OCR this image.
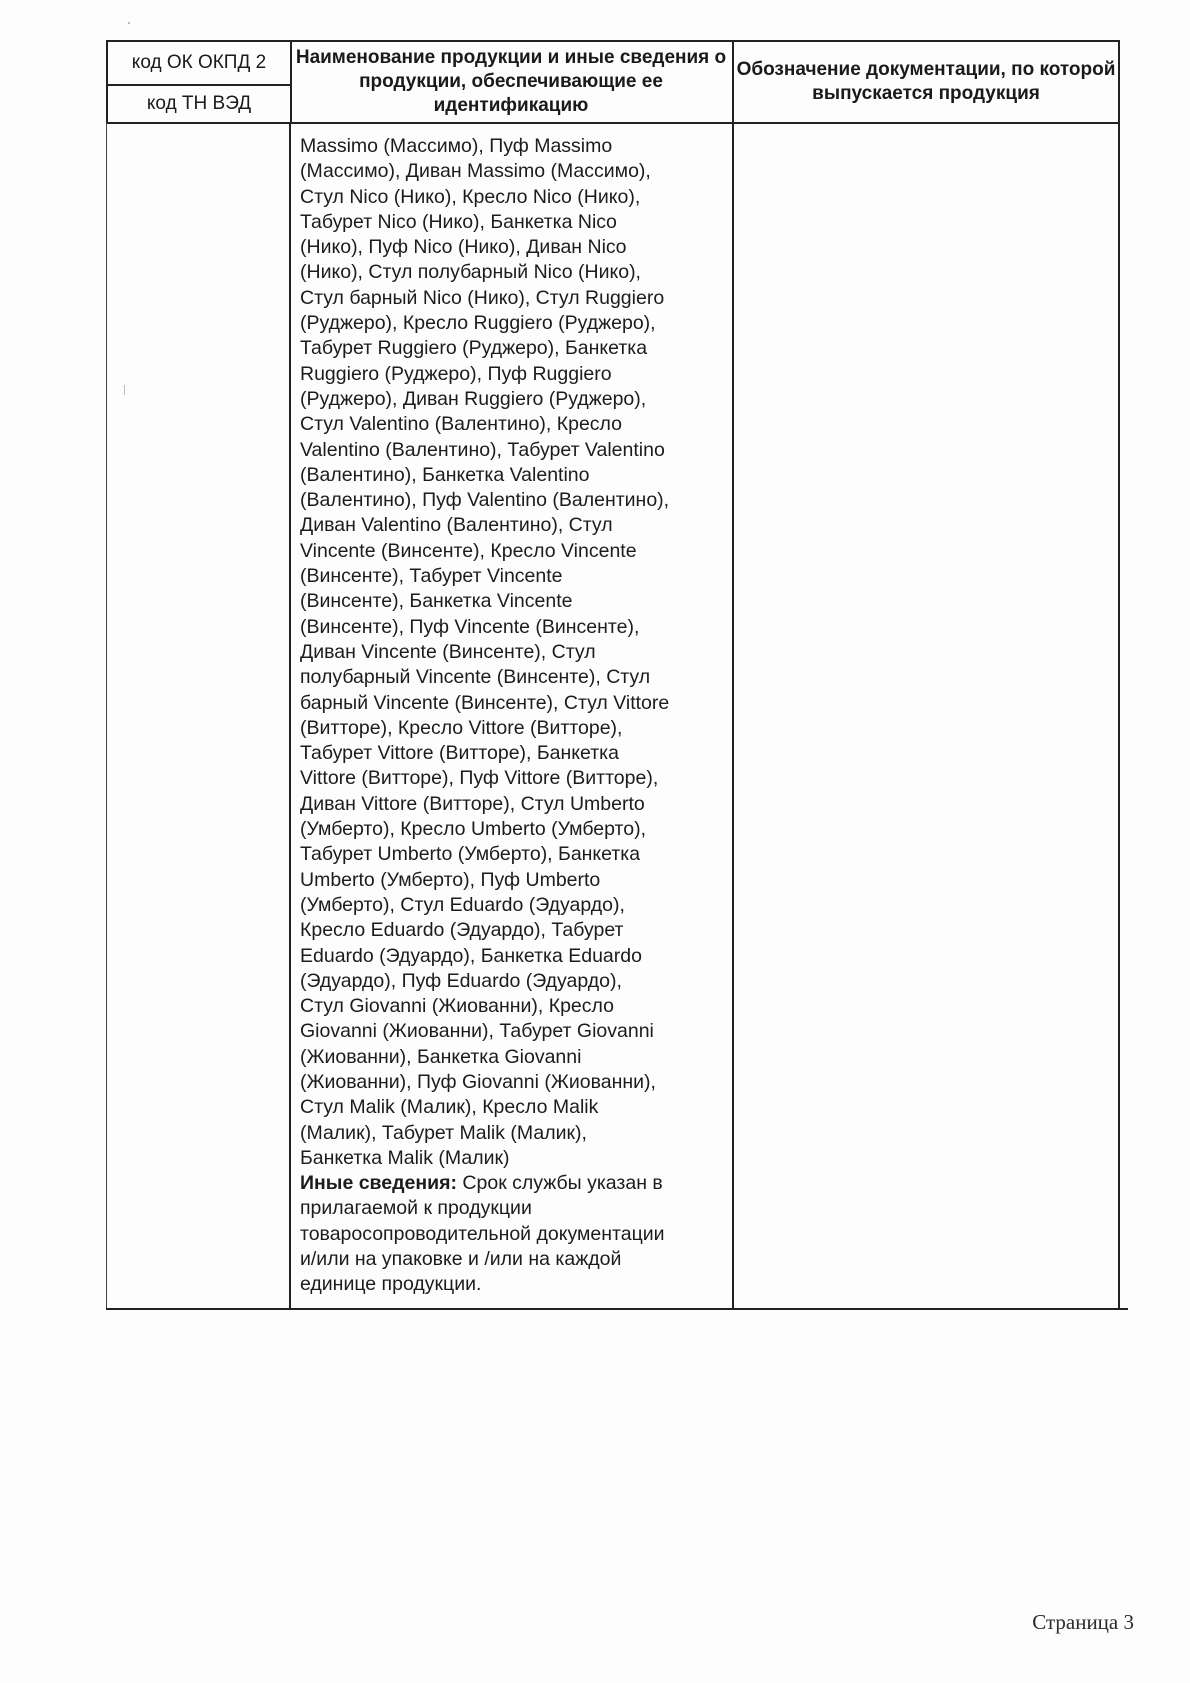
код ОК ОКПД 2
код ТН ВЭД
Наименование продукции и иные сведения о продукции, обеспечивающие ее идентификацию
Обозначение документации, по которой выпускается продукция
Massimo (Массимо), Пуф Massimo
(Массимо), Диван Massimo (Массимо),
Стул Nico (Нико), Кресло Nico (Нико),
Табурет Nico (Нико), Банкетка Nico
(Нико), Пуф Nico (Нико), Диван Nico
(Нико), Стул полубарный Nico (Нико),
Стул барный Nico (Нико), Стул Ruggiero
(Руджеро), Кресло Ruggiero (Руджеро),
Табурет Ruggiero (Руджеро), Банкетка
Ruggiero (Руджеро), Пуф Ruggiero
(Руджеро), Диван Ruggiero (Руджеро),
Стул Valentino (Валентино), Кресло
Valentino (Валентино), Табурет Valentino
(Валентино), Банкетка Valentino
(Валентино), Пуф Valentino (Валентино),
Диван Valentino (Валентино), Стул
Vincente (Винсенте), Кресло Vincente
(Винсенте), Табурет Vincente
(Винсенте), Банкетка Vincente
(Винсенте), Пуф Vincente (Винсенте),
Диван Vincente (Винсенте), Стул
полубарный Vincente (Винсенте), Стул
барный Vincente (Винсенте), Стул Vittore
(Витторе), Кресло Vittore (Витторе),
Табурет Vittore (Витторе), Банкетка
Vittore (Витторе), Пуф Vittore (Витторе),
Диван Vittore (Витторе), Стул Umberto
(Умберто), Кресло Umberto (Умберто),
Табурет Umberto (Умберто), Банкетка
Umberto (Умберто), Пуф Umberto
(Умберто), Стул Eduardo (Эдуардо),
Кресло Eduardo (Эдуардо), Табурет
Eduardo (Эдуардо), Банкетка Eduardo
(Эдуардо), Пуф Eduardo (Эдуардо),
Стул Giovanni (Жиованни), Кресло
Giovanni (Жиованни), Табурет Giovanni
(Жиованни), Банкетка Giovanni
(Жиованни), Пуф Giovanni (Жиованни),
Стул Malik (Малик), Кресло Malik
(Малик), Табурет Malik (Малик),
Банкетка Malik (Малик)
Иные сведения: Срок службы указан в
прилагаемой к продукции
товаросопроводительной документации
и/или на упаковке и /или на каждой
единице продукции.
Страница 3
